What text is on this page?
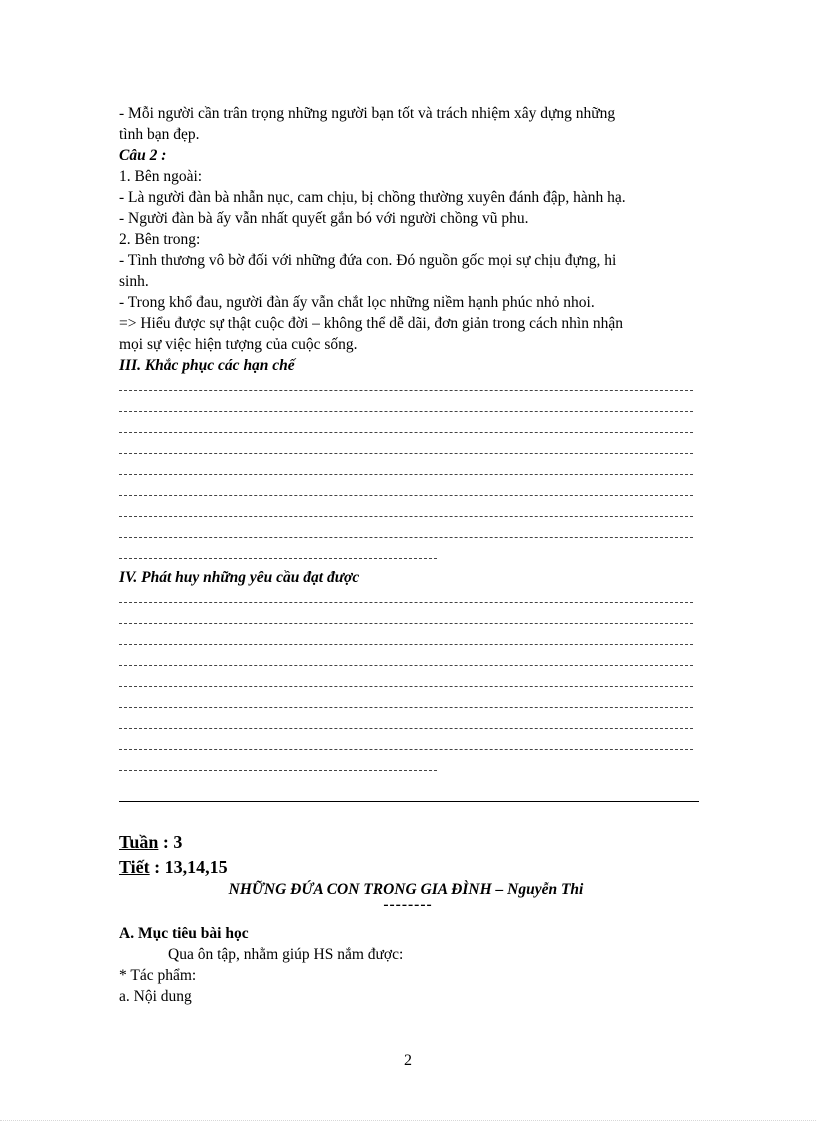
- Mỗi người cần trân trọng những người bạn tốt và trách nhiệm xây dựng những
tình bạn đẹp.
Câu 2 :
1. Bên ngoài:
- Là người đàn bà nhẫn nục, cam chịu, bị chồng thường xuyên đánh đập, hành hạ.
- Người đàn bà ấy vẫn nhất quyết gắn bó với người chồng vũ phu.
2. Bên trong:
- Tình thương vô bờ đối với những đứa con. Đó nguồn gốc mọi sự chịu đựng, hi
sinh.
- Trong khổ đau, người đàn ấy vẫn chắt lọc những niềm hạnh phúc nhỏ nhoi.
=> Hiểu được sự thật cuộc đời – không thể dễ dãi, đơn giản trong cách nhìn nhận
mọi sự việc hiện tượng của cuộc sống.
III. Khắc phục các hạn chế
IV. Phát huy những yêu cầu đạt được
Tuần : 3
Tiết : 13,14,15
NHỮNG ĐỨA CON TRONG GIA ĐÌNH – Nguyễn Thi
--------
A. Mục tiêu bài học
Qua ôn tập, nhằm giúp HS nắm được:
* Tác phẩm:
a. Nội dung
2
